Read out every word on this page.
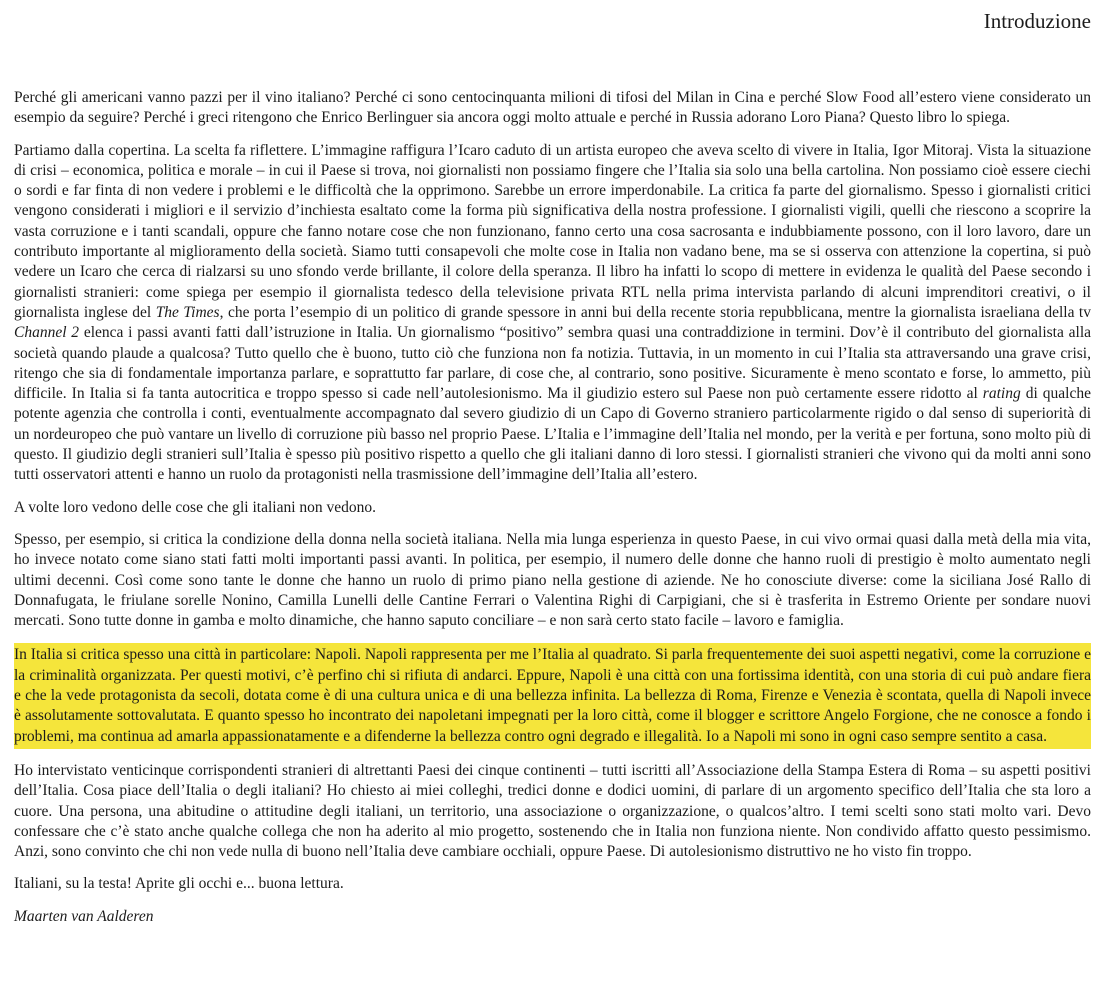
Introduzione

Perché gli americani vanno pazzi per il vino italiano? Perché ci sono centocinquanta milioni di tifosi del Milan in Cina e perché Slow Food all’estero viene considerato un esempio da seguire? Perché i greci ritengono che Enrico Berlinguer sia ancora oggi molto attuale e perché in Russia adorano Loro Piana? Questo libro lo spiega.

Partiamo dalla copertina. La scelta fa riflettere. L’immagine raffigura l’Icaro caduto di un artista europeo che aveva scelto di vivere in Italia, Igor Mitoraj. Vista la situazione di crisi – economica, politica e morale – in cui il Paese si trova, noi giornalisti non possiamo fingere che l’Italia sia solo una bella cartolina. Non possiamo cioè essere ciechi o sordi e far finta di non vedere i problemi e le difficoltà che la opprimono. Sarebbe un errore imperdonabile. La critica fa parte del giornalismo. Spesso i giornalisti critici vengono considerati i migliori e il servizio d’inchiesta esaltato come la forma più significativa della nostra professione. I giornalisti vigili, quelli che riescono a scoprire la vasta corruzione e i tanti scandali, oppure che fanno notare cose che non funzionano, fanno certo una cosa sacrosanta e indubbiamente possono, con il loro lavoro, dare un contributo importante al miglioramento della società. Siamo tutti consapevoli che molte cose in Italia non vadano bene, ma se si osserva con attenzione la copertina, si può vedere un Icaro che cerca di rialzarsi su uno sfondo verde brillante, il colore della speranza. Il libro ha infatti lo scopo di mettere in evidenza le qualità del Paese secondo i giornalisti stranieri: come spiega per esempio il giornalista tedesco della televisione privata RTL nella prima intervista parlando di alcuni imprenditori creativi, o il giornalista inglese del The Times, che porta l’esempio di un politico di grande spessore in anni bui della recente storia repubblicana, mentre la giornalista israeliana della tv Channel 2 elenca i passi avanti fatti dall’istruzione in Italia. Un giornalismo “positivo” sembra quasi una contraddizione in termini. Dov’è il contributo del giornalista alla società quando plaude a qualcosa? Tutto quello che è buono, tutto ciò che funziona non fa notizia. Tuttavia, in un momento in cui l’Italia sta attraversando una grave crisi, ritengo che sia di fondamentale importanza parlare, e soprattutto far parlare, di cose che, al contrario, sono positive. Sicuramente è meno scontato e forse, lo ammetto, più difficile. In Italia si fa tanta autocritica e troppo spesso si cade nell’autolesionismo. Ma il giudizio estero sul Paese non può certamente essere ridotto al rating di qualche potente agenzia che controlla i conti, eventualmente accompagnato dal severo giudizio di un Capo di Governo straniero particolarmente rigido o dal senso di superiorità di un nordeuropeo che può vantare un livello di corruzione più basso nel proprio Paese. L’Italia e l’immagine dell’Italia nel mondo, per la verità e per fortuna, sono molto più di questo. Il giudizio degli stranieri sull’Italia è spesso più positivo rispetto a quello che gli italiani danno di loro stessi. I giornalisti stranieri che vivono qui da molti anni sono tutti osservatori attenti e hanno un ruolo da protagonisti nella trasmissione dell’immagine dell’Italia all’estero.

A volte loro vedono delle cose che gli italiani non vedono.

Spesso, per esempio, si critica la condizione della donna nella società italiana. Nella mia lunga esperienza in questo Paese, in cui vivo ormai quasi dalla metà della mia vita, ho invece notato come siano stati fatti molti importanti passi avanti. In politica, per esempio, il numero delle donne che hanno ruoli di prestigio è molto aumentato negli ultimi decenni. Così come sono tante le donne che hanno un ruolo di primo piano nella gestione di aziende. Ne ho conosciute diverse: come la siciliana José Rallo di Donnafugata, le friulane sorelle Nonino, Camilla Lunelli delle Cantine Ferrari o Valentina Righi di Carpigiani, che si è trasferita in Estremo Oriente per sondare nuovi mercati. Sono tutte donne in gamba e molto dinamiche, che hanno saputo conciliare – e non sarà certo stato facile – lavoro e famiglia.

In Italia si critica spesso una città in particolare: Napoli. Napoli rappresenta per me l’Italia al quadrato. Si parla frequentemente dei suoi aspetti negativi, come la corruzione e la criminalità organizzata. Per questi motivi, c’è perfino chi si rifiuta di andarci. Eppure, Napoli è una città con una fortissima identità, con una storia di cui può andare fiera e che la vede protagonista da secoli, dotata come è di una cultura unica e di una bellezza infinita. La bellezza di Roma, Firenze e Venezia è scontata, quella di Napoli invece è assolutamente sottovalutata. E quanto spesso ho incontrato dei napoletani impegnati per la loro città, come il blogger e scrittore Angelo Forgione, che ne conosce a fondo i problemi, ma continua ad amarla appassionatamente e a difenderne la bellezza contro ogni degrado e illegalità. Io a Napoli mi sono in ogni caso sempre sentito a casa.

Ho intervistato venticinque corrispondenti stranieri di altrettanti Paesi dei cinque continenti – tutti iscritti all’Associazione della Stampa Estera di Roma – su aspetti positivi dell’Italia. Cosa piace dell’Italia o degli italiani? Ho chiesto ai miei colleghi, tredici donne e dodici uomini, di parlare di un argomento specifico dell’Italia che sta loro a cuore. Una persona, una abitudine o attitudine degli italiani, un territorio, una associazione o organizzazione, o qualcos’altro. I temi scelti sono stati molto vari. Devo confessare che c’è stato anche qualche collega che non ha aderito al mio progetto, sostenendo che in Italia non funziona niente. Non condivido affatto questo pessimismo. Anzi, sono convinto che chi non vede nulla di buono nell’Italia deve cambiare occhiali, oppure Paese. Di autolesionismo distruttivo ne ho visto fin troppo.

Italiani, su la testa! Aprite gli occhi e... buona lettura.

Maarten van Aalderen
